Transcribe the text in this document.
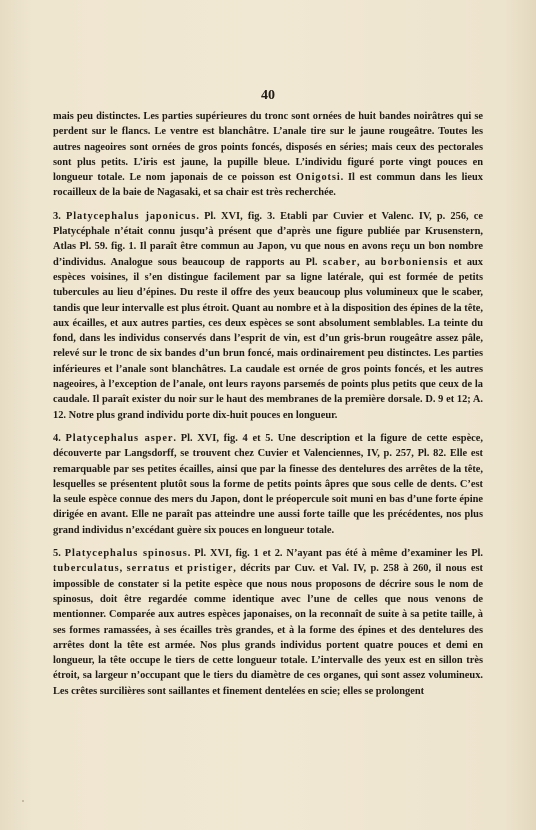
40

mais peu distinctes. Les parties supérieures du tronc sont ornées de huit bandes noirâtres qui se perdent sur le flancs. Le ventre est blanchâtre. L’anale tire sur le jaune rougeâtre. Toutes les autres nageoires sont ornées de gros points foncés, disposés en séries; mais ceux des pectorales sont plus petits. L’iris est jaune, la pupille bleue. L’individu figuré porte vingt pouces en longueur totale. Le nom japonais de ce poisson est Onigotsi. Il est commun dans les lieux rocailleux de la baie de Nagasaki, et sa chair est très recherchée.

3. Platycephalus japonicus. Pl. XVI, fig. 3. Etabli par Cuvier et Valenc. IV, p. 256, ce Platycéphale n’était connu jusqu’à présent que d’après une figure publiée par Krusenstern, Atlas Pl. 59. fig. 1. Il paraît être commun au Japon, vu que nous en avons reçu un bon nombre d’individus. Analogue sous beaucoup de rapports au Pl. scaber, au borboniensis et aux espèces voisines, il s’en distingue facilement par sa ligne latérale, qui est formée de petits tubercules au lieu d’épines. Du reste il offre des yeux beaucoup plus volumineux que le scaber, tandis que leur intervalle est plus étroit. Quant au nombre et à la disposition des épines de la tête, aux écailles, et aux autres parties, ces deux espèces se sont absolument semblables. La teinte du fond, dans les individus conservés dans l’esprit de vin, est d’un gris-brun rougeâtre assez pâle, relevé sur le tronc de six bandes d’un brun foncé, mais ordinairement peu distinctes. Les parties inférieures et l’anale sont blanchâtres. La caudale est ornée de gros points foncés, et les autres nageoires, à l’exception de l’anale, ont leurs rayons parsemés de points plus petits que ceux de la caudale. Il paraît exister du noir sur le haut des membranes de la première dorsale. D. 9 et 12; A. 12. Notre plus grand individu porte dix-huit pouces en longueur.

4. Platycephalus asper. Pl. XVI, fig. 4 et 5. Une description et la figure de cette espèce, découverte par Langsdorff, se trouvent chez Cuvier et Valenciennes, IV, p. 257, Pl. 82. Elle est remarquable par ses petites écailles, ainsi que par la finesse des dentelures des arrêtes de la tête, lesquelles se présentent plutôt sous la forme de petits points âpres que sous celle de dents. C’est la seule espèce connue des mers du Japon, dont le préopercule soit muni en bas d’une forte épine dirigée en avant. Elle ne paraît pas atteindre une aussi forte taille que les précédentes, nos plus grand individus n’excédant guère six pouces en longueur totale.

5. Platycephalus spinosus. Pl. XVI, fig. 1 et 2. N’ayant pas été à même d’examiner les Pl. tuberculatus, serratus et pristiger, décrits par Cuv. et Val. IV, p. 258 à 260, il nous est impossible de constater si la petite espèce que nous nous proposons de décrire sous le nom de spinosus, doit être regardée comme identique avec l’une de celles que nous venons de mentionner. Comparée aux autres espèces japonaises, on la reconnaît de suite à sa petite taille, à ses formes ramassées, à ses écailles très grandes, et à la forme des épines et des dentelures des arrêtes dont la tête est armée. Nos plus grands individus portent quatre pouces et demi en longueur, la tête occupe le tiers de cette longueur totale. L’intervalle des yeux est en sillon très étroit, sa largeur n’occupant que le tiers du diamètre de ces organes, qui sont assez volumineux. Les crêtes surcilières sont saillantes et finement dentelées en scie; elles se prolongent
